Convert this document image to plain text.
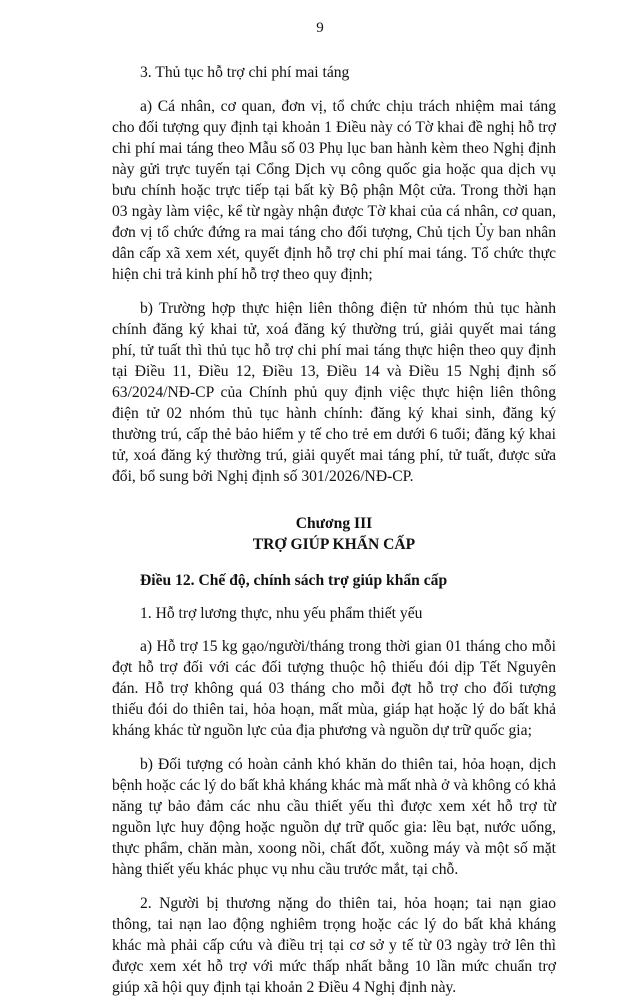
9

3. Thủ tục hỗ trợ chi phí mai táng

a) Cá nhân, cơ quan, đơn vị, tổ chức chịu trách nhiệm mai táng cho đối tượng quy định tại khoản 1 Điều này có Tờ khai đề nghị hỗ trợ chi phí mai táng theo Mẫu số 03 Phụ lục ban hành kèm theo Nghị định này gửi trực tuyến tại Cổng Dịch vụ công quốc gia hoặc qua dịch vụ bưu chính hoặc trực tiếp tại bất kỳ Bộ phận Một cửa. Trong thời hạn 03 ngày làm việc, kể từ ngày nhận được Tờ khai của cá nhân, cơ quan, đơn vị tổ chức đứng ra mai táng cho đối tượng, Chủ tịch Ủy ban nhân dân cấp xã xem xét, quyết định hỗ trợ chi phí mai táng. Tổ chức thực hiện chi trả kinh phí hỗ trợ theo quy định;

b) Trường hợp thực hiện liên thông điện tử nhóm thủ tục hành chính đăng ký khai tử, xoá đăng ký thường trú, giải quyết mai táng phí, tử tuất thì thủ tục hỗ trợ chi phí mai táng thực hiện theo quy định tại Điều 11, Điều 12, Điều 13, Điều 14 và Điều 15 Nghị định số 63/2024/NĐ-CP của Chính phủ quy định việc thực hiện liên thông điện tử 02 nhóm thủ tục hành chính: đăng ký khai sinh, đăng ký thường trú, cấp thẻ bảo hiểm y tế cho trẻ em dưới 6 tuổi; đăng ký khai tử, xoá đăng ký thường trú, giải quyết mai táng phí, tử tuất, được sửa đổi, bổ sung bởi Nghị định số 301/2026/NĐ-CP.

Chương III
TRỢ GIÚP KHẨN CẤP

Điều 12. Chế độ, chính sách trợ giúp khẩn cấp

1. Hỗ trợ lương thực, nhu yếu phẩm thiết yếu

a) Hỗ trợ 15 kg gạo/người/tháng trong thời gian 01 tháng cho mỗi đợt hỗ trợ đối với các đối tượng thuộc hộ thiếu đói dịp Tết Nguyên đán. Hỗ trợ không quá 03 tháng cho mỗi đợt hỗ trợ cho đối tượng thiếu đói do thiên tai, hỏa hoạn, mất mùa, giáp hạt hoặc lý do bất khả kháng khác từ nguồn lực của địa phương và nguồn dự trữ quốc gia;

b) Đối tượng có hoàn cảnh khó khăn do thiên tai, hỏa hoạn, dịch bệnh hoặc các lý do bất khả kháng khác mà mất nhà ở và không có khả năng tự bảo đảm các nhu cầu thiết yếu thì được xem xét hỗ trợ từ nguồn lực huy động hoặc nguồn dự trữ quốc gia: lều bạt, nước uống, thực phẩm, chăn màn, xoong nồi, chất đốt, xuồng máy và một số mặt hàng thiết yếu khác phục vụ nhu cầu trước mắt, tại chỗ.

2. Người bị thương nặng do thiên tai, hỏa hoạn; tai nạn giao thông, tai nạn lao động nghiêm trọng hoặc các lý do bất khả kháng khác mà phải cấp cứu và điều trị tại cơ sở y tế từ 03 ngày trở lên thì được xem xét hỗ trợ với mức thấp nhất bằng 10 lần mức chuẩn trợ giúp xã hội quy định tại khoản 2 Điều 4 Nghị định này.
